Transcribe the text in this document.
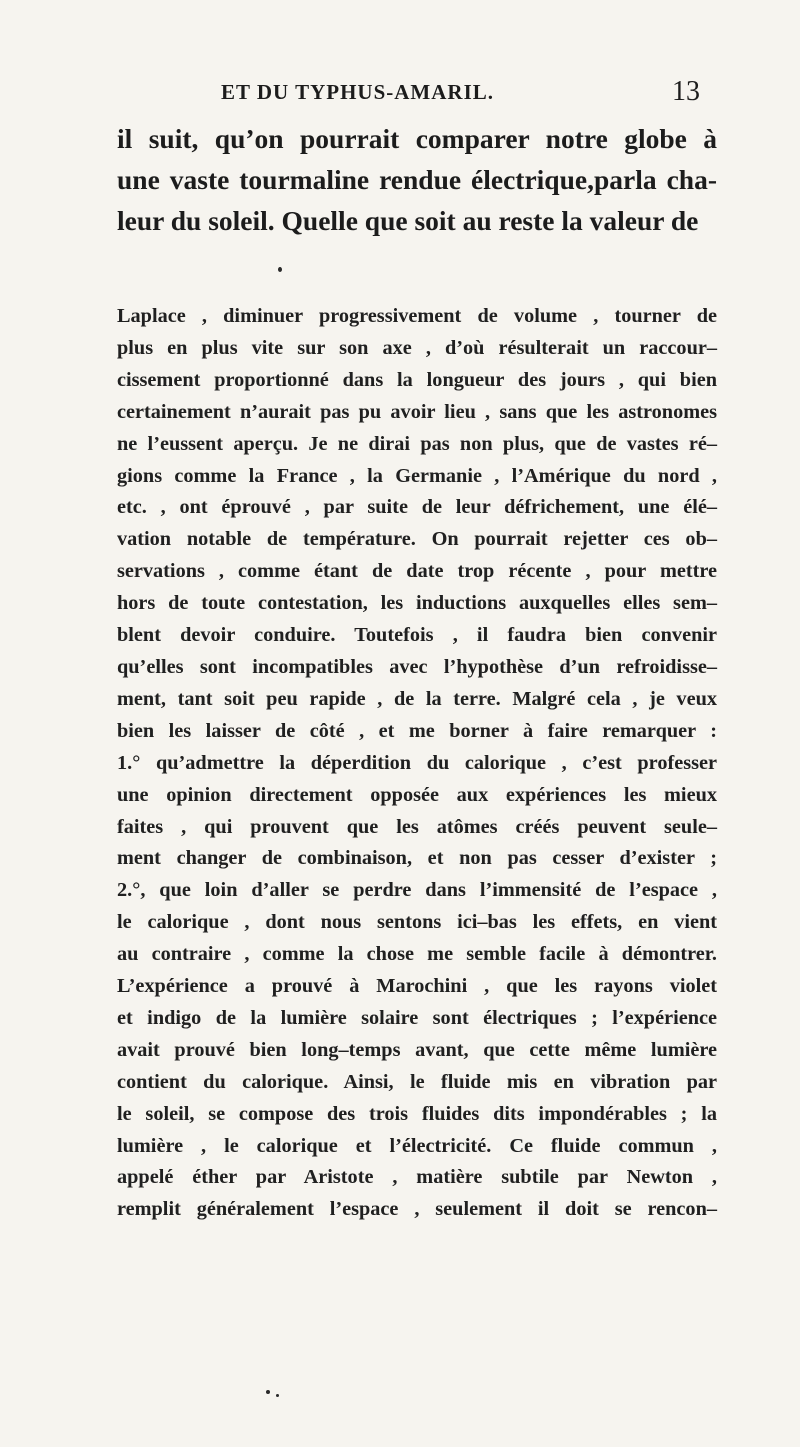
ET DU TYPHUS-AMARIL.	13
il suit, qu’on pourrait comparer notre globe à
une vaste tourmaline rendue électrique,parla cha-
leur du soleil. Quelle que soit au reste la valeur de
Laplace , diminuer progressivement de volume , tourner de
plus en plus vite sur son axe , d’où résulterait un raccour–
cissement proportionné dans la longueur des jours , qui bien
certainement n’aurait pas pu avoir lieu , sans que les astronomes
ne l’eussent aperçu. Je ne dirai pas non plus, que de vastes ré–
gions comme la France , la Germanie , l’Amérique du nord ,
etc. , ont éprouvé , par suite de leur défrichement, une élé–
vation notable de température. On pourrait rejetter ces ob–
servations , comme étant de date trop récente , pour mettre
hors de toute contestation, les inductions auxquelles elles sem–
blent devoir conduire. Toutefois , il faudra bien convenir
qu’elles sont incompatibles avec l’hypothèse d’un refroidisse–
ment, tant soit peu rapide , de la terre. Malgré cela , je veux
bien les laisser de côté , et me borner à faire remarquer :
1.° qu’admettre la déperdition du calorique , c’est professer
une opinion directement opposée aux expériences les mieux
faites , qui prouvent que les atômes créés peuvent seule–
ment changer de combinaison, et non pas cesser d’exister ;
2.°, que loin d’aller se perdre dans l’immensité de l’espace ,
le calorique , dont nous sentons ici–bas les effets, en vient
au contraire , comme la chose me semble facile à démontrer.
L’expérience a prouvé à Marochini , que les rayons violet
et indigo de la lumière solaire sont électriques ; l’expérience
avait prouvé bien long–temps avant, que cette même lumière
contient du calorique. Ainsi, le fluide mis en vibration par
le soleil, se compose des trois fluides dits impondérables ; la
lumière , le calorique et l’électricité. Ce fluide commun ,
appelé éther par Aristote , matière subtile par Newton ,
remplit généralement l’espace , seulement il doit se rencon–
